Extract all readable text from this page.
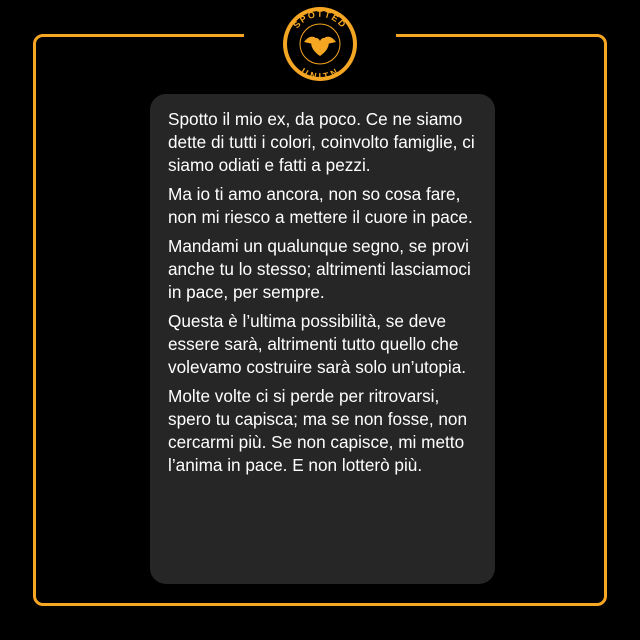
SPOTTED
UNITN

Spotto il mio ex, da poco. Ce ne siamo dette di tutti i colori, coinvolto famiglie, ci siamo odiati e fatti a pezzi.

Ma io ti amo ancora, non so cosa fare, non mi riesco a mettere il cuore in pace.

Mandami un qualunque segno, se provi anche tu lo stesso; altrimenti lasciamoci in pace, per sempre.

Questa è l’ultima possibilità, se deve essere sarà, altrimenti tutto quello che volevamo costruire sarà solo un’utopia.

Molte volte ci si perde per ritrovarsi, spero tu capisca; ma se non fosse, non cercarmi più. Se non capisce, mi metto l’anima in pace. E non lotterò più.
